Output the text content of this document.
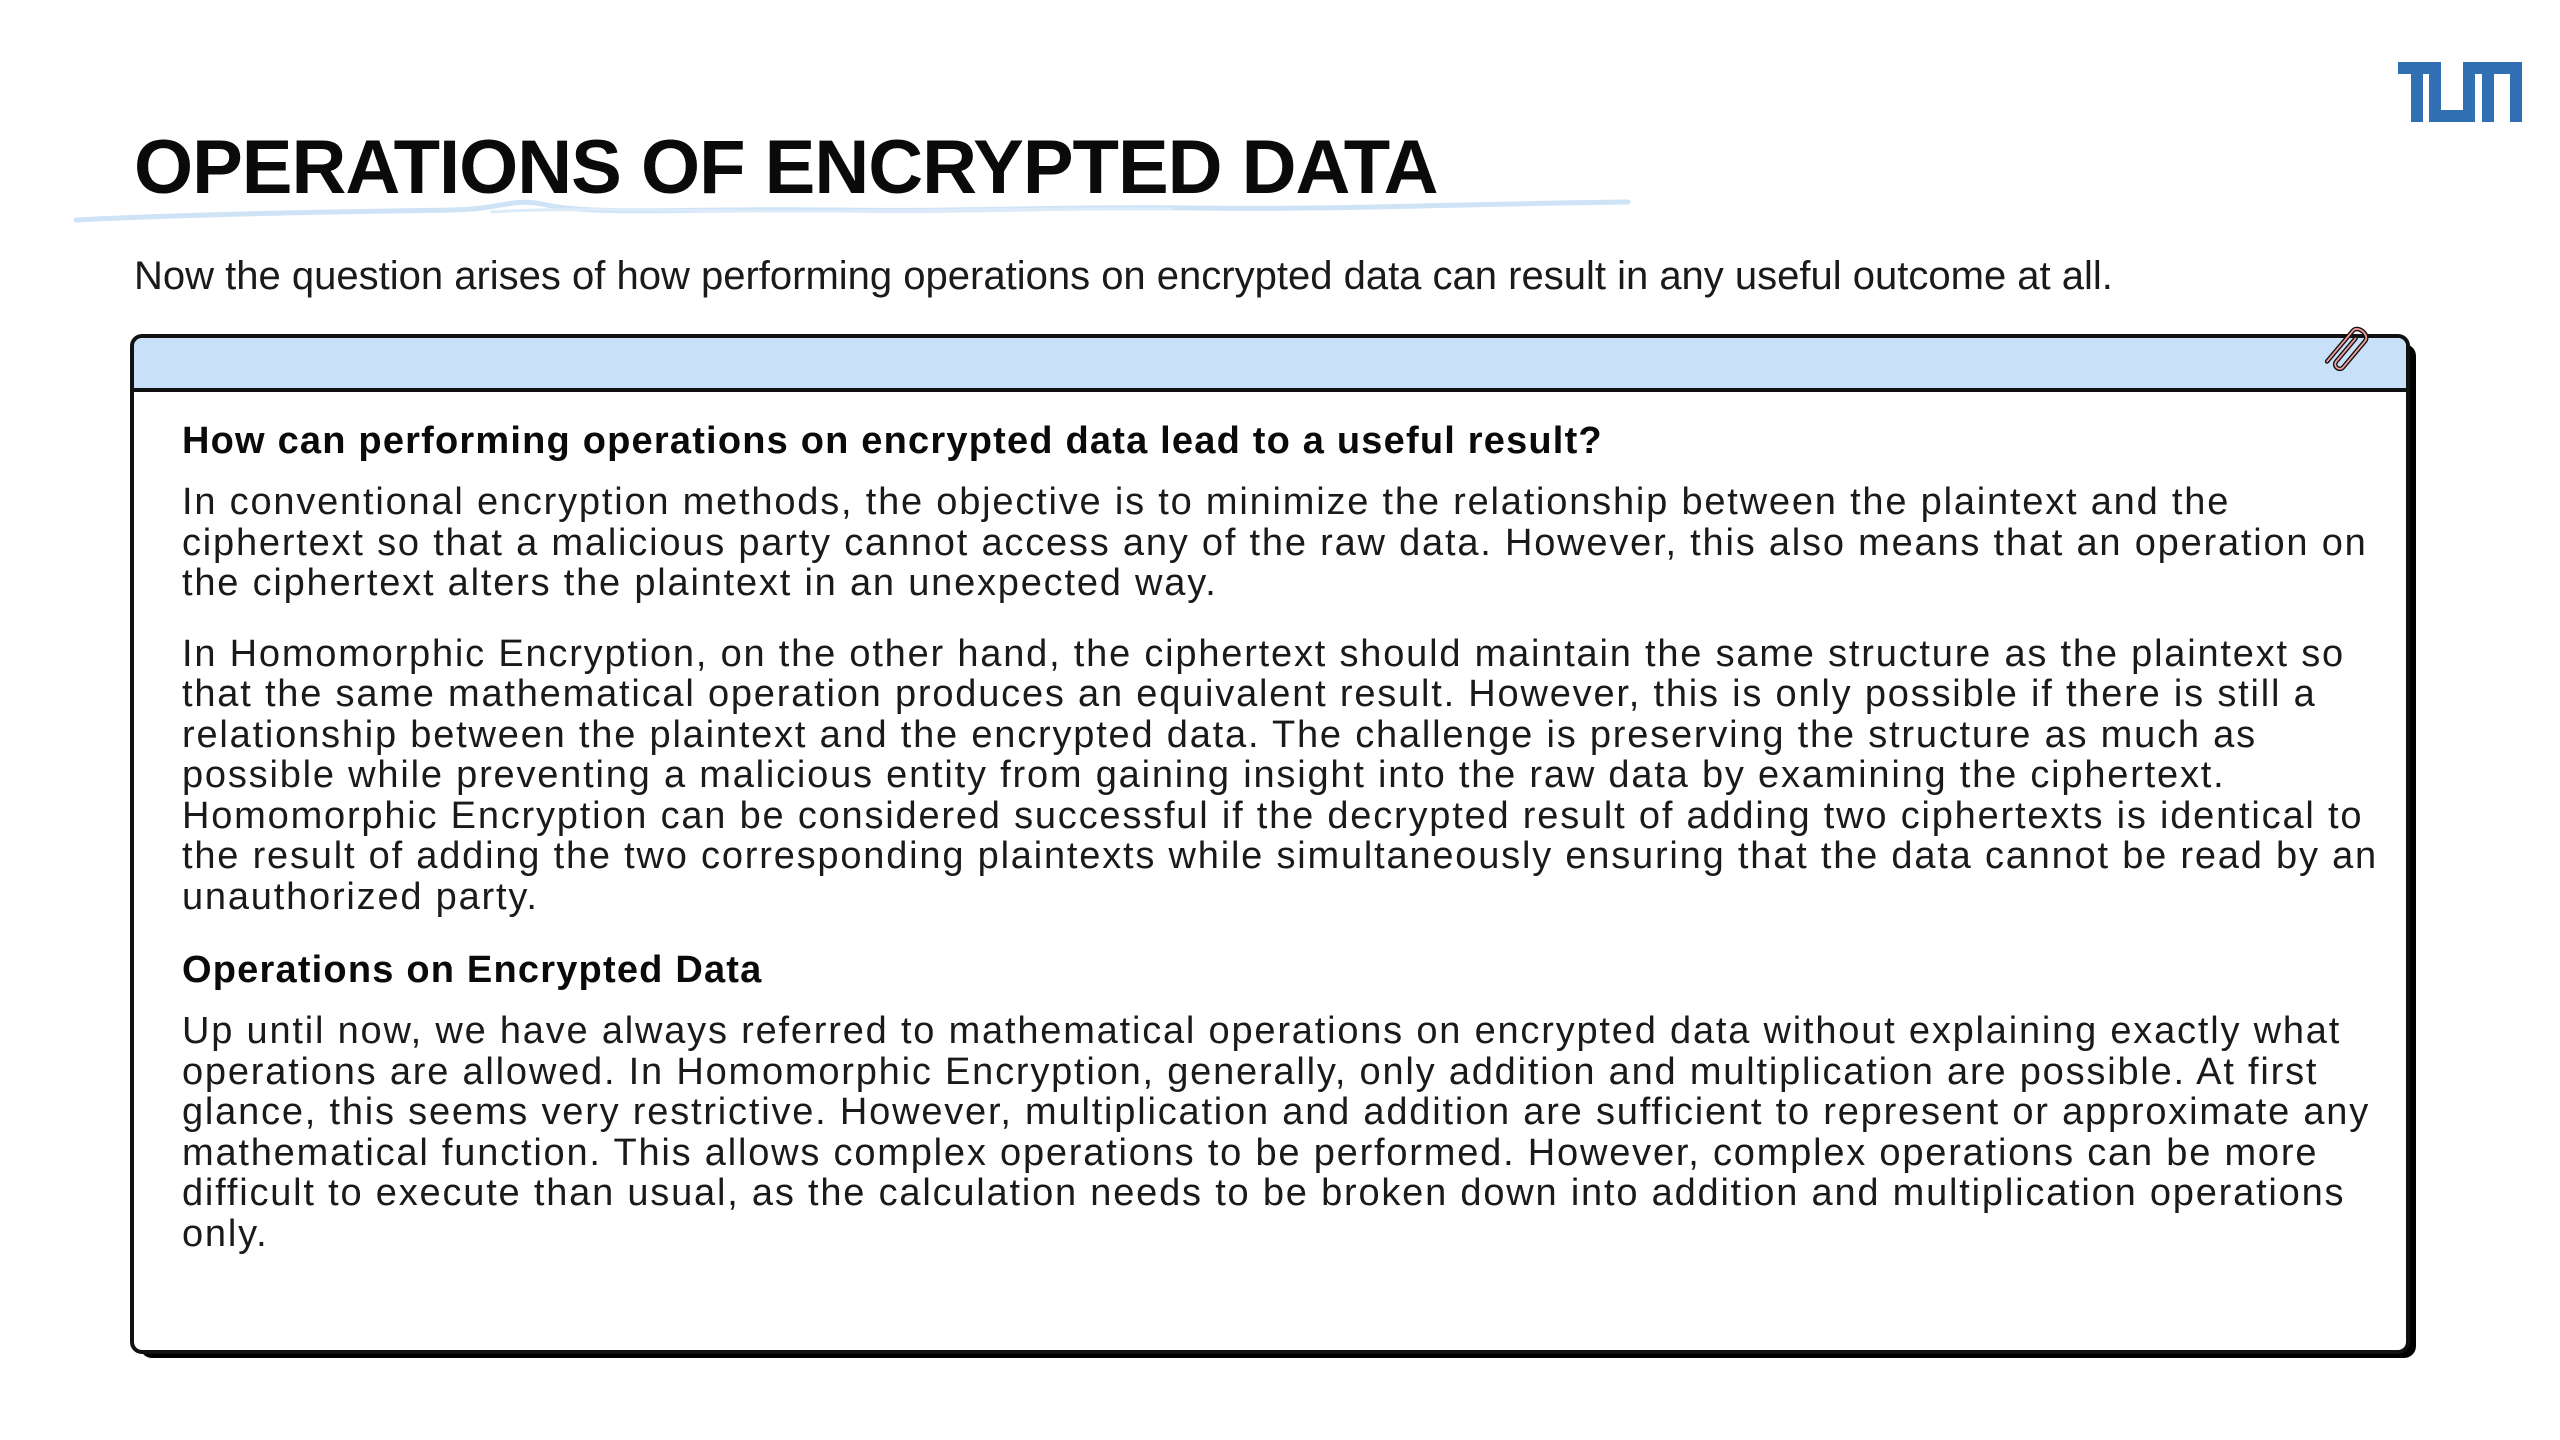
OPERATIONS OF ENCRYPTED DATA

Now the question arises of how performing operations on encrypted data can result in any useful outcome at all.

How can performing operations on encrypted data lead to a useful result?

In conventional encryption methods, the objective is to minimize the relationship between the plaintext and the ciphertext so that a malicious party cannot access any of the raw data. However, this also means that an operation on the ciphertext alters the plaintext in an unexpected way.

In Homomorphic Encryption, on the other hand, the ciphertext should maintain the same structure as the plaintext so that the same mathematical operation produces an equivalent result. However, this is only possible if there is still a relationship between the plaintext and the encrypted data. The challenge is preserving the structure as much as possible while preventing a malicious entity from gaining insight into the raw data by examining the ciphertext. Homomorphic Encryption can be considered successful if the decrypted result of adding two ciphertexts is identical to the result of adding the two corresponding plaintexts while simultaneously ensuring that the data cannot be read by an unauthorized party.

Operations on Encrypted Data

Up until now, we have always referred to mathematical operations on encrypted data without explaining exactly what operations are allowed. In Homomorphic Encryption, generally, only addition and multiplication are possible. At first glance, this seems very restrictive. However, multiplication and addition are sufficient to represent or approximate any mathematical function. This allows complex operations to be performed. However, complex operations can be more difficult to execute than usual, as the calculation needs to be broken down into addition and multiplication operations only.
